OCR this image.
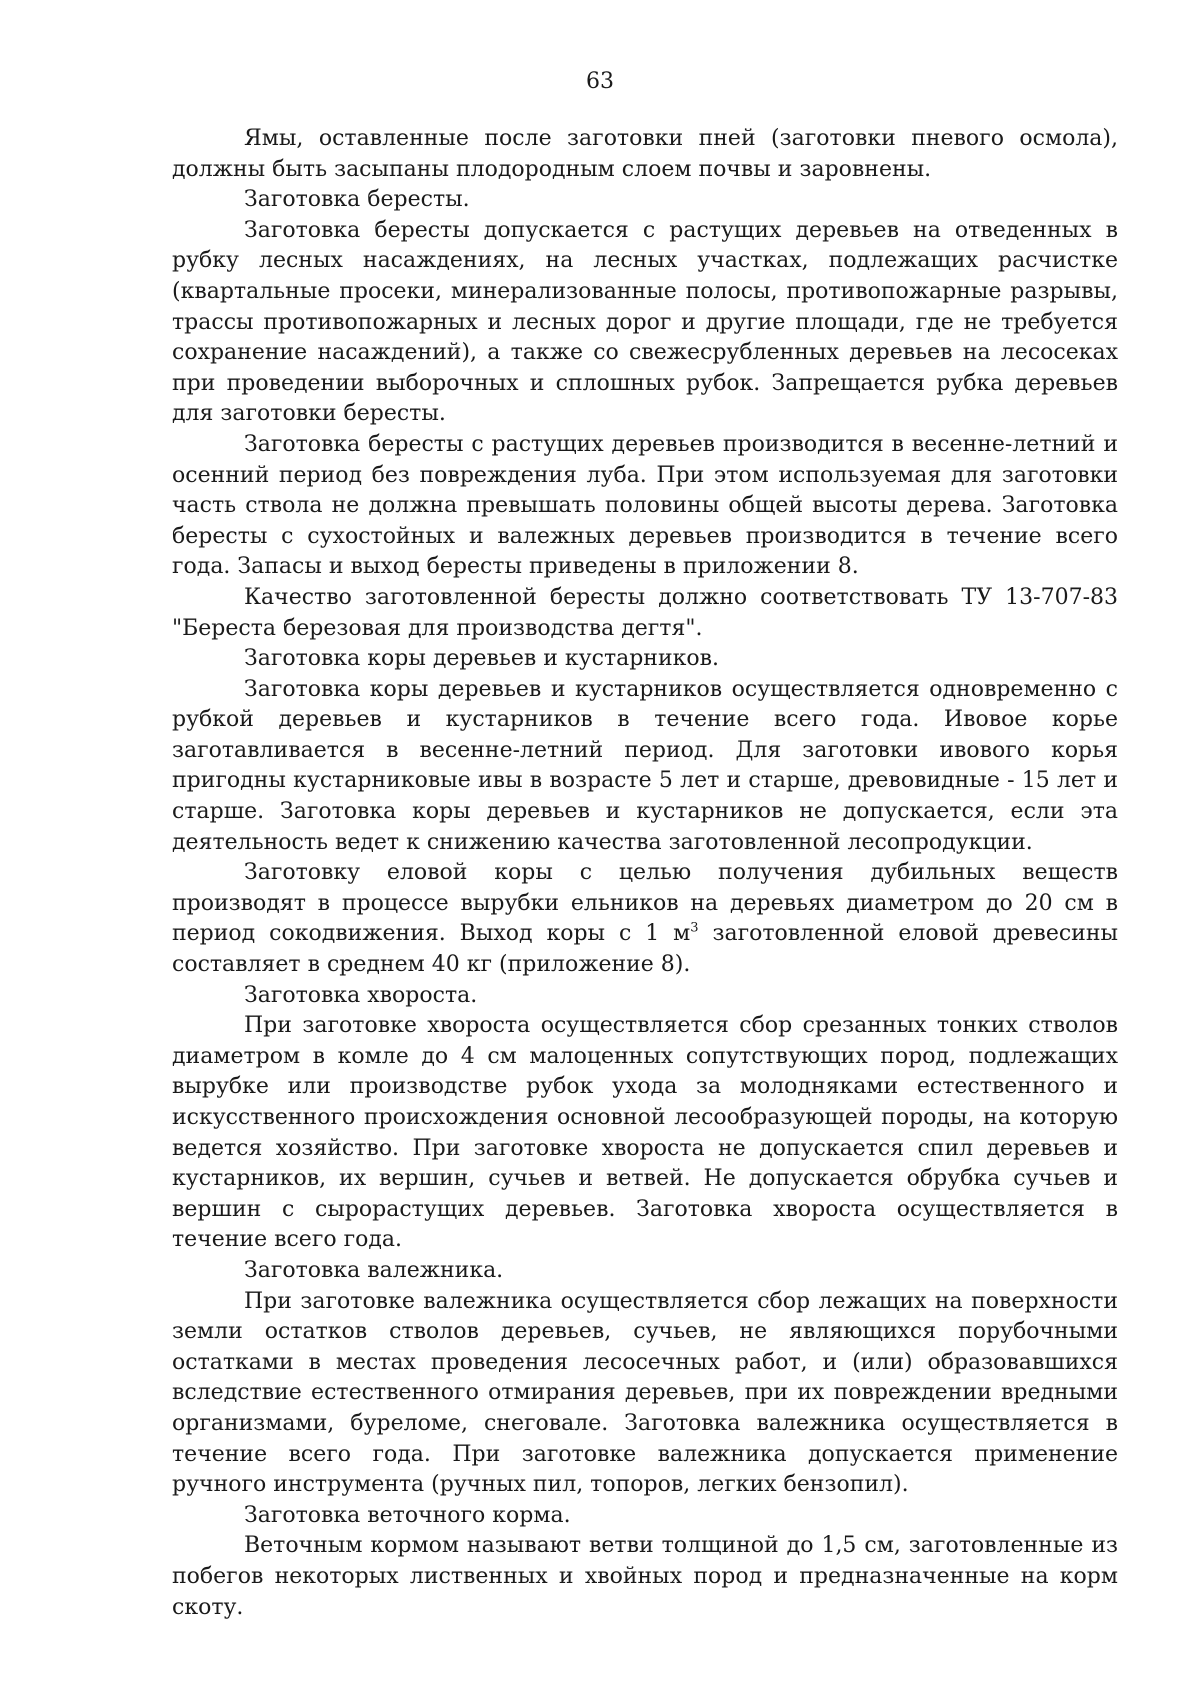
63

Ямы, оставленные после заготовки пней (заготовки пневого осмола), должны быть засыпаны плодородным слоем почвы и заровнены.

Заготовка бересты.

Заготовка бересты допускается с растущих деревьев на отведенных в рубку лесных насаждениях, на лесных участках, подлежащих расчистке (квартальные просеки, минерализованные полосы, противопожарные разрывы, трассы противопожарных и лесных дорог и другие площади, где не требуется сохранение насаждений), а также со свежесрубленных деревьев на лесосеках при проведении выборочных и сплошных рубок. Запрещается рубка деревьев для заготовки бересты.

Заготовка бересты с растущих деревьев производится в весенне-летний и осенний период без повреждения луба. При этом используемая для заготовки часть ствола не должна превышать половины общей высоты дерева. Заготовка бересты с сухостойных и валежных деревьев производится в течение всего года. Запасы и выход бересты приведены в приложении 8.

Качество заготовленной бересты должно соответствовать ТУ 13-707-83 "Береста березовая для производства дегтя".

Заготовка коры деревьев и кустарников.

Заготовка коры деревьев и кустарников осуществляется одновременно с рубкой деревьев и кустарников в течение всего года. Ивовое корье заготавливается в весенне-летний период. Для заготовки ивового корья пригодны кустарниковые ивы в возрасте 5 лет и старше, древовидные - 15 лет и старше. Заготовка коры деревьев и кустарников не допускается, если эта деятельность ведет к снижению качества заготовленной лесопродукции.

Заготовку еловой коры с целью получения дубильных веществ производят в процессе вырубки ельников на деревьях диаметром до 20 см в период сокодвижения. Выход коры с 1 $м^3$ заготовленной еловой древесины составляет в среднем 40 кг (приложение 8).

Заготовка хвороста.

При заготовке хвороста осуществляется сбор срезанных тонких стволов диаметром в комле до 4 см малоценных сопутствующих пород, подлежащих вырубке или производстве рубок ухода за молодняками естественного и искусственного происхождения основной лесообразующей породы, на которую ведется хозяйство. При заготовке хвороста не допускается спил деревьев и кустарников, их вершин, сучьев и ветвей. Не допускается обрубка сучьев и вершин с сырорастущих деревьев. Заготовка хвороста осуществляется в течение всего года.

Заготовка валежника.

При заготовке валежника осуществляется сбор лежащих на поверхности земли остатков стволов деревьев, сучьев, не являющихся порубочными остатками в местах проведения лесосечных работ, и (или) образовавшихся вследствие естественного отмирания деревьев, при их повреждении вредными организмами, буреломе, снеговале. Заготовка валежника осуществляется в течение всего года. При заготовке валежника допускается применение ручного инструмента (ручных пил, топоров, легких бензопил).

Заготовка веточного корма.

Веточным кормом называют ветви толщиной до 1,5 см, заготовленные из побегов некоторых лиственных и хвойных пород и предназначенные на корм скоту.
